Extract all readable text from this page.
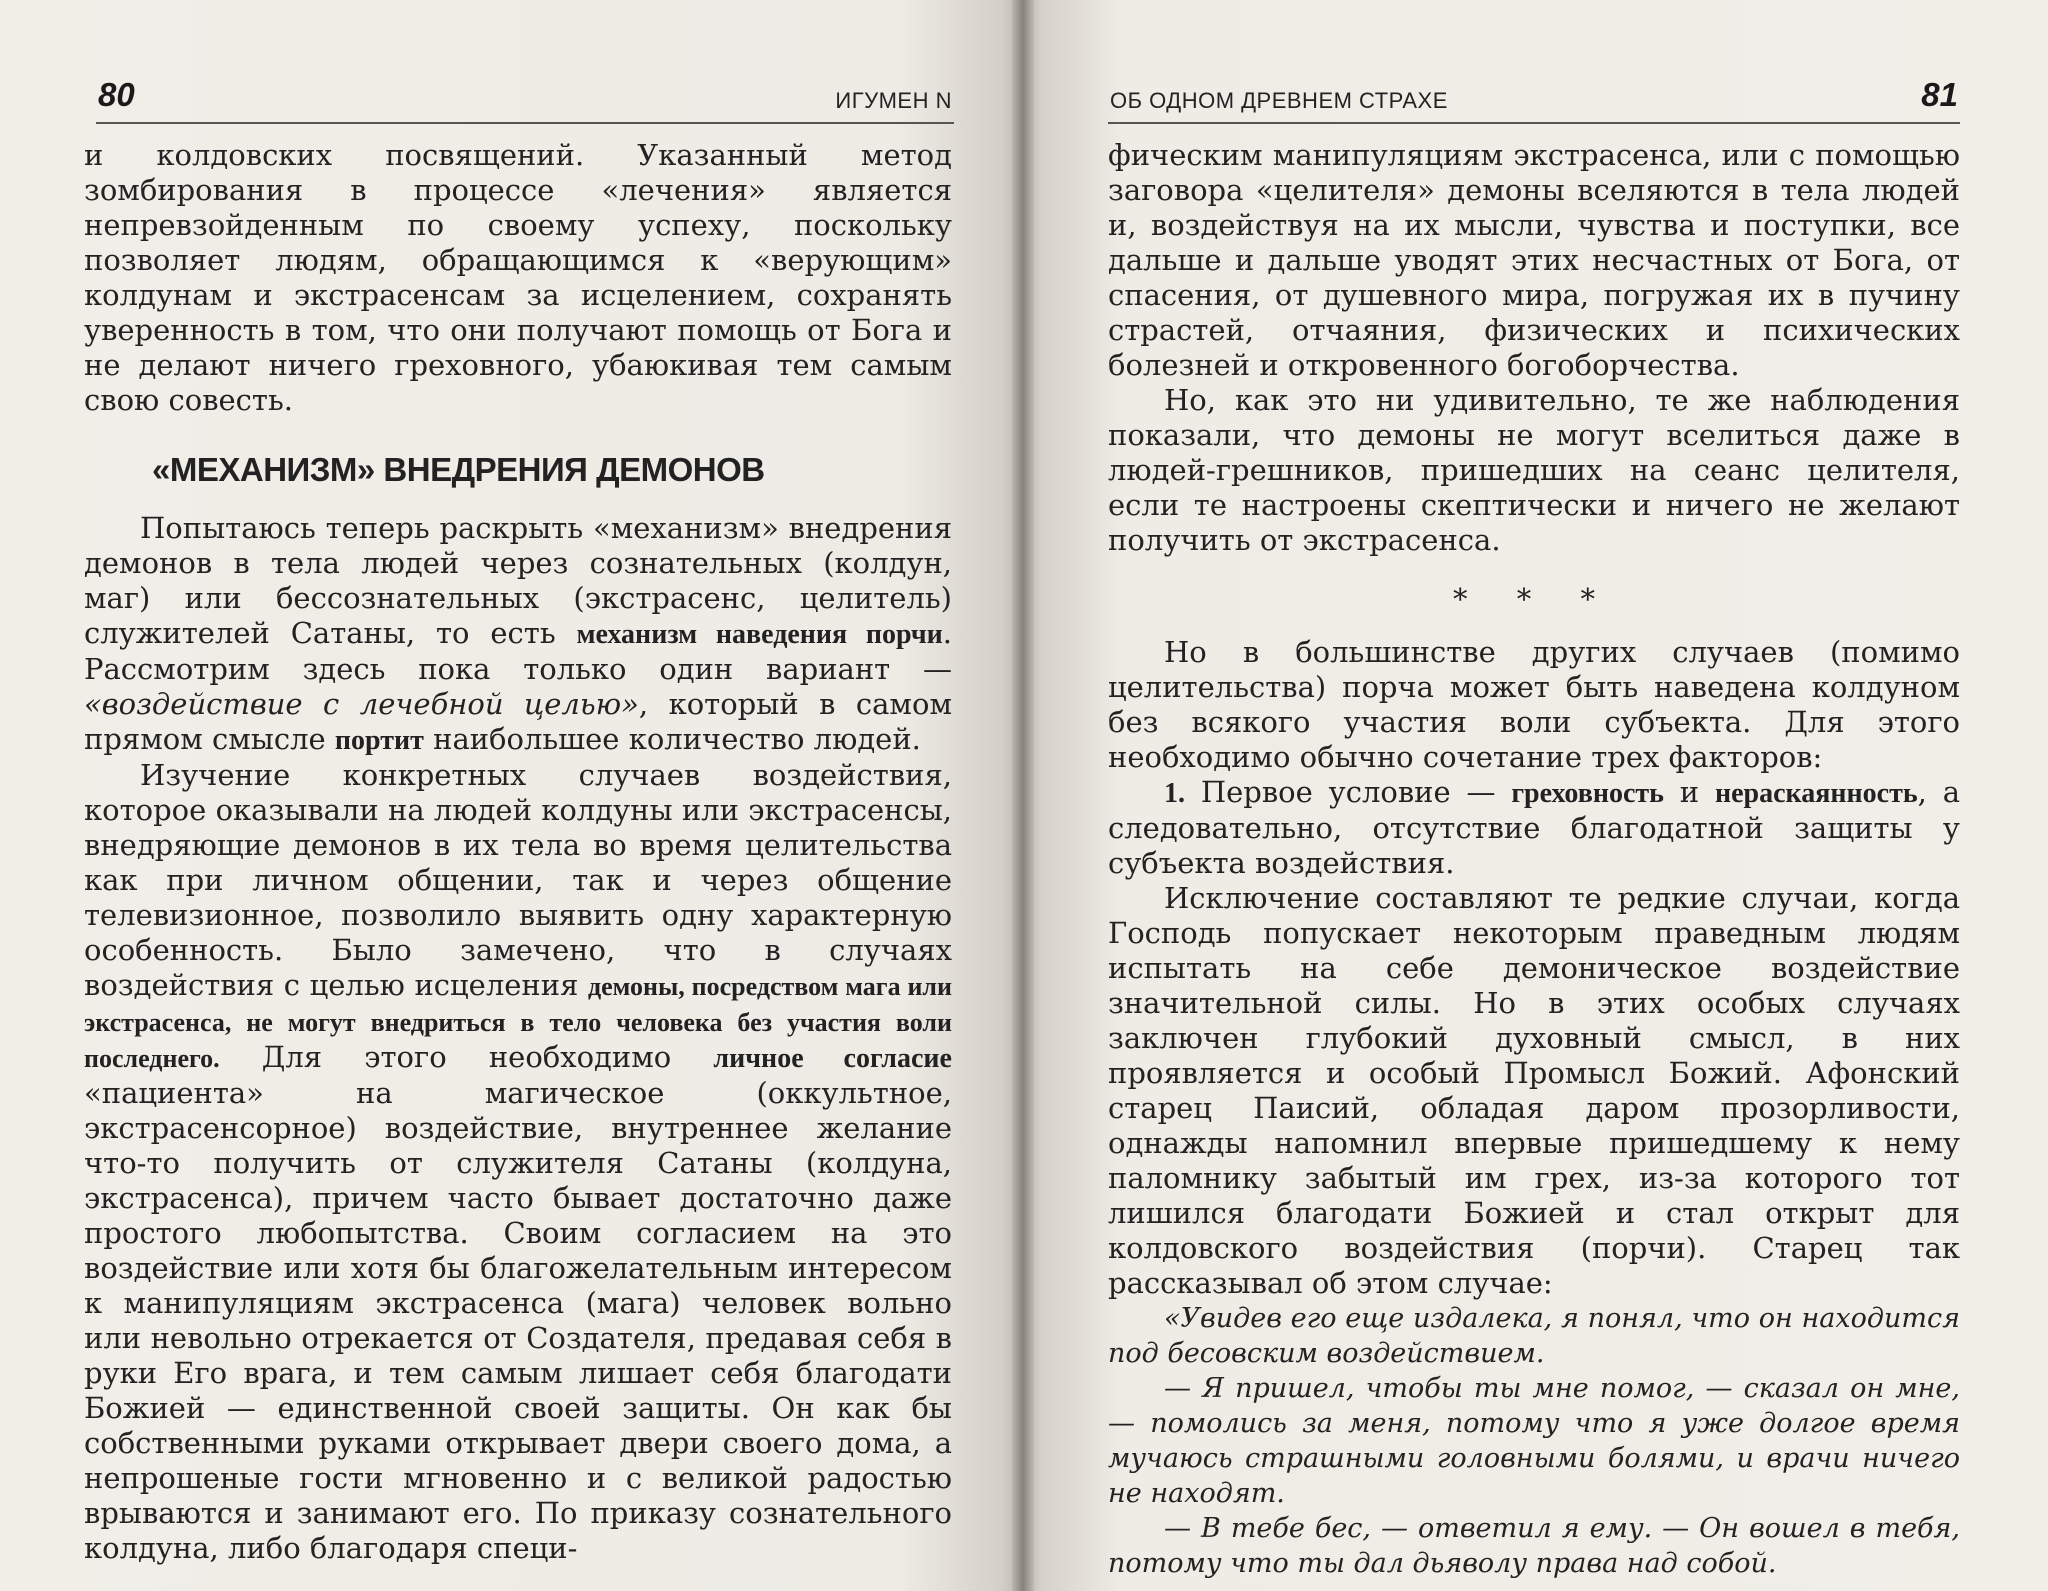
80	ИГУМЕН N

и колдовских посвящений. Указанный метод зомбирования в процессе «лечения» является непревзойденным по своему успеху, поскольку позволяет людям, обращающимся к «верующим» колдунам и экстрасенсам за исцелением, сохранять уверенность в том, что они получают помощь от Бога и не делают ничего греховного, убаюкивая тем самым свою совесть.

«МЕХАНИЗМ» ВНЕДРЕНИЯ ДЕМОНОВ

Попытаюсь теперь раскрыть «механизм» внедрения демонов в тела людей через сознательных (колдун, маг) или бессознательных (экстрасенс, целитель) служителей Сатаны, то есть механизм наведения порчи. Рассмотрим здесь пока только один вариант — «воздействие с лечебной целью», который в самом прямом смысле портит наибольшее количество людей.

Изучение конкретных случаев воздействия, которое оказывали на людей колдуны или экстрасенсы, внедряющие демонов в их тела во время целительства как при личном общении, так и через общение телевизионное, позволило выявить одну характерную особенность. Было замечено, что в случаях воздействия с целью исцеления демоны, посредством мага или экстрасенса, не могут внедриться в тело человека без участия воли последнего. Для этого необходимо личное согласие «пациента» на магическое (оккультное, экстрасенсорное) воздействие, внутреннее желание что-то получить от служителя Сатаны (колдуна, экстрасенса), причем часто бывает достаточно даже простого любопытства. Своим согласием на это воздействие или хотя бы благожелательным интересом к манипуляциям экстрасенса (мага) человек вольно или невольно отрекается от Создателя, предавая себя в руки Его врага, и тем самым лишает себя благодати Божией — единственной своей защиты. Он как бы собственными руками открывает двери своего дома, а непрошеные гости мгновенно и с великой радостью врываются и занимают его. По приказу сознательного колдуна, либо благодаря специ-

ОБ ОДНОМ ДРЕВНЕМ СТРАХЕ	81

фическим манипуляциям экстрасенса, или с помощью заговора «целителя» демоны вселяются в тела людей и, воздействуя на их мысли, чувства и поступки, все дальше и дальше уводят этих несчастных от Бога, от спасения, от душевного мира, погружая их в пучину страстей, отчаяния, физических и психических болезней и откровенного богоборчества.

Но, как это ни удивительно, те же наблюдения показали, что демоны не могут вселиться даже в людей-грешников, пришедших на сеанс целителя, если те настроены скептически и ничего не желают получить от экстрасенса.

* * *

Но в большинстве других случаев (помимо целительства) порча может быть наведена колдуном без всякого участия воли субъекта. Для этого необходимо обычно сочетание трех факторов:

1. Первое условие — греховность и нераскаянность, а следовательно, отсутствие благодатной защиты у субъекта воздействия.

Исключение составляют те редкие случаи, когда Господь попускает некоторым праведным людям испытать на себе демоническое воздействие значительной силы. Но в этих особых случаях заключен глубокий духовный смысл, в них проявляется и особый Промысл Божий. Афонский старец Паисий, обладая даром прозорливости, однажды напомнил впервые пришедшему к нему паломнику забытый им грех, из-за которого тот лишился благодати Божией и стал открыт для колдовского воздействия (порчи). Старец так рассказывал об этом случае:

«Увидев его еще издалека, я понял, что он находится под бесовским воздействием.

— Я пришел, чтобы ты мне помог, — сказал он мне, — помолись за меня, потому что я уже долгое время мучаюсь страшными головными болями, и врачи ничего не находят.

— В тебе бес, — ответил я ему. — Он вошел в тебя, потому что ты дал дьяволу права над собой.
